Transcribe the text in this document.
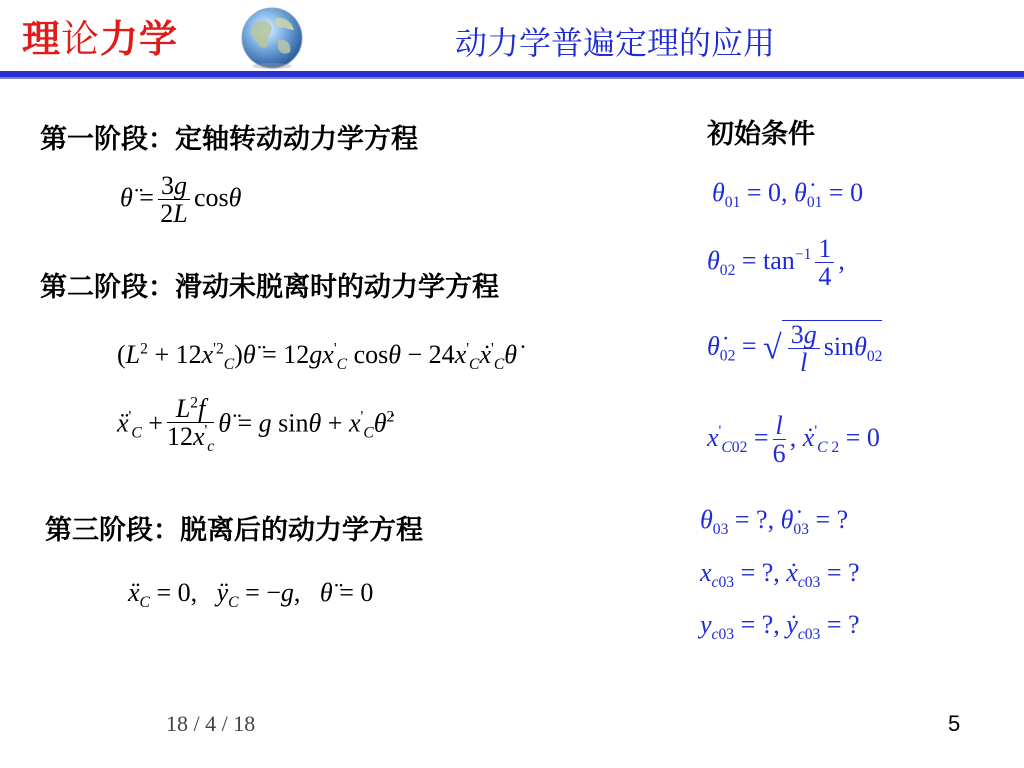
理论力学	动力学普遍定理的应用
第一阶段：定轴转动动力学方程
θ̈ = $\frac{3g}{2L}$ cosθ
第二阶段：滑动未脱离时的动力学方程
($L^2$ + $12x^{'2}_C)\thetä = 12gx'_C$ $\cos\theta - 24x'_Cẋ'_C\thetȧ$
ẍ'$_C$ + $\frac{L^2f}{12x'_c}$ θ̈ = g $\sin\theta + x'_C\thetȧ^2$
第三阶段：脱离后的动力学方程
ẍ$_C$ = 0,   $ÿ_C = -g$,   θ̈ = 0
初始条件
$\theta_{01} = 0$, $\thetȧ_{01} = 0$
$\theta_{02} = \tan^{-1} \frac{1}{4}$ ,
$\thetȧ_{02}$ = √ $\frac{3g}{l} \sin\theta_{02}$
$x'_{C02} = \frac{l}{6}$ , ẋ'$_{C 2}$ = 0
$\theta_{03}$ = ?, $\thetȧ_{03}$ = ?
$x_{c03}$ = ?, ẋ$_{c03}$ = ?
$y_{c03}$ = ?, ẏ$_{c03}$ = ?
18 / 4 / 18	5
